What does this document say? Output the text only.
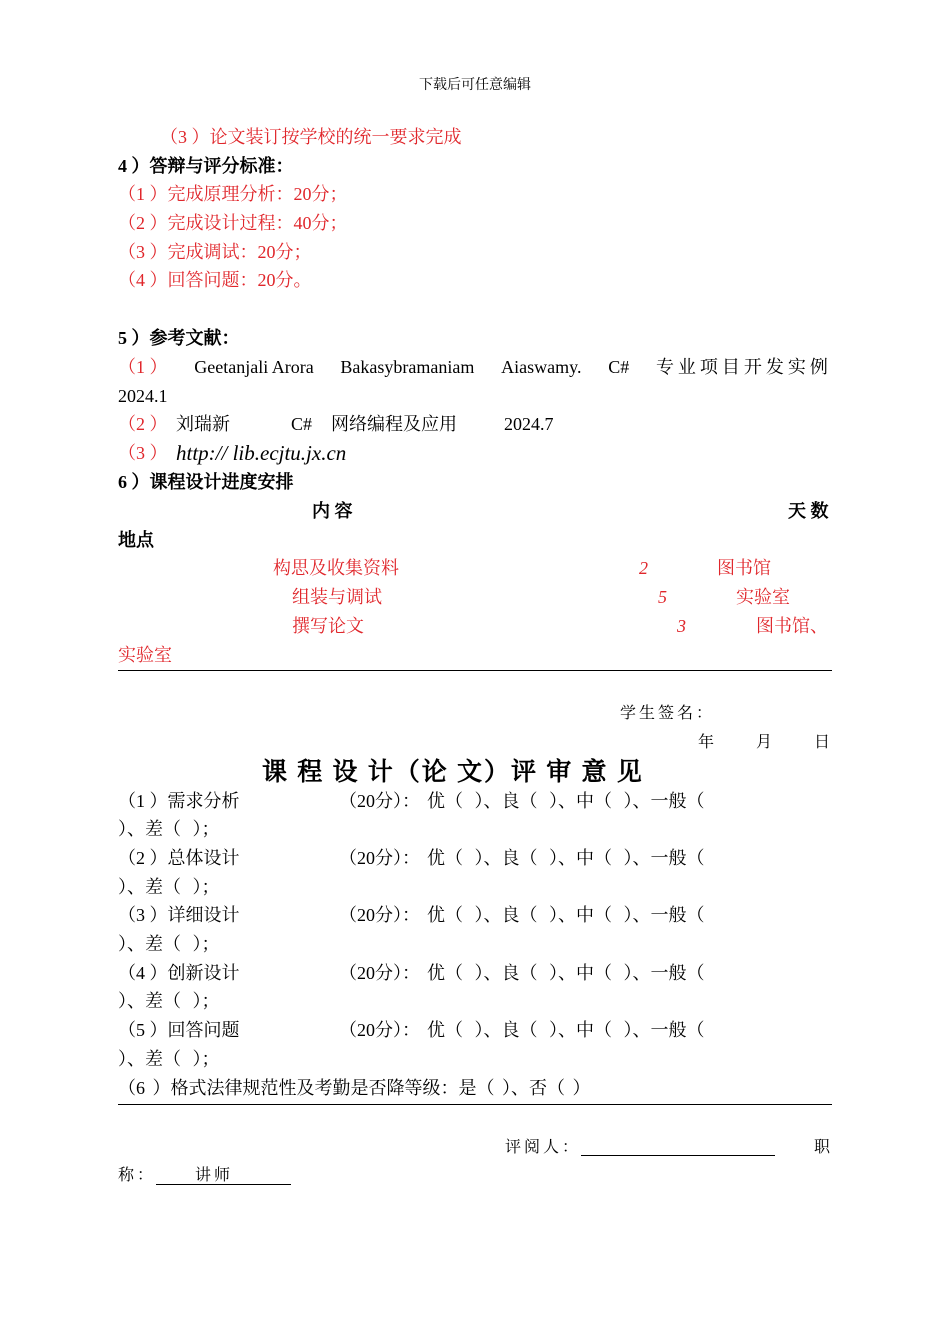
下载后可任意编辑
（3 ）论文装订按学校的统一要求完成
4 ）答辩与评分标准：
（1 ）完成原理分析：20分；
（2 ）完成设计过程：40分；
（3 ）完成调试：20分；
（4 ）回答问题：20分。
5 ）参考文献：
（1 ） Geetanjali Arora Bakasybramaniam Aiaswamy. C# 专业项目开发实例
2024.1
（2 ） 刘瑞新	C# 网络编程及应用	2024.7
（3 ） http:// lib.ecjtu.jx.cn
6 ）课程设计进度安排
内 容	天 数
地点
构思及收集资料	2	图书馆
组装与调试	5	实验室
撰写论文	3	图书馆、
实验室
学生签名：
年	月	日
课 程 设 计（论 文）评 审 意 见
（1 ）需求分析	（20分）： 优（ ）、良（ ）、中（ ）、一般（
）、差（ ）；
（2 ）总体设计	（20分）： 优（ ）、良（ ）、中（ ）、一般（
）、差（ ）；
（3 ）详细设计	（20分）： 优（ ）、良（ ）、中（ ）、一般（
）、差（ ）；
（4 ）创新设计	（20分）： 优（ ）、良（ ）、中（ ）、一般（
）、差（ ）；
（5 ）回答问题	（20分）： 优（ ）、良（ ）、中（ ）、一般（
）、差（ ）；
（6 ）格式法律规范性及考勤是否降等级：是（ ）、否（ ）
评阅人：	职
称： 讲师
